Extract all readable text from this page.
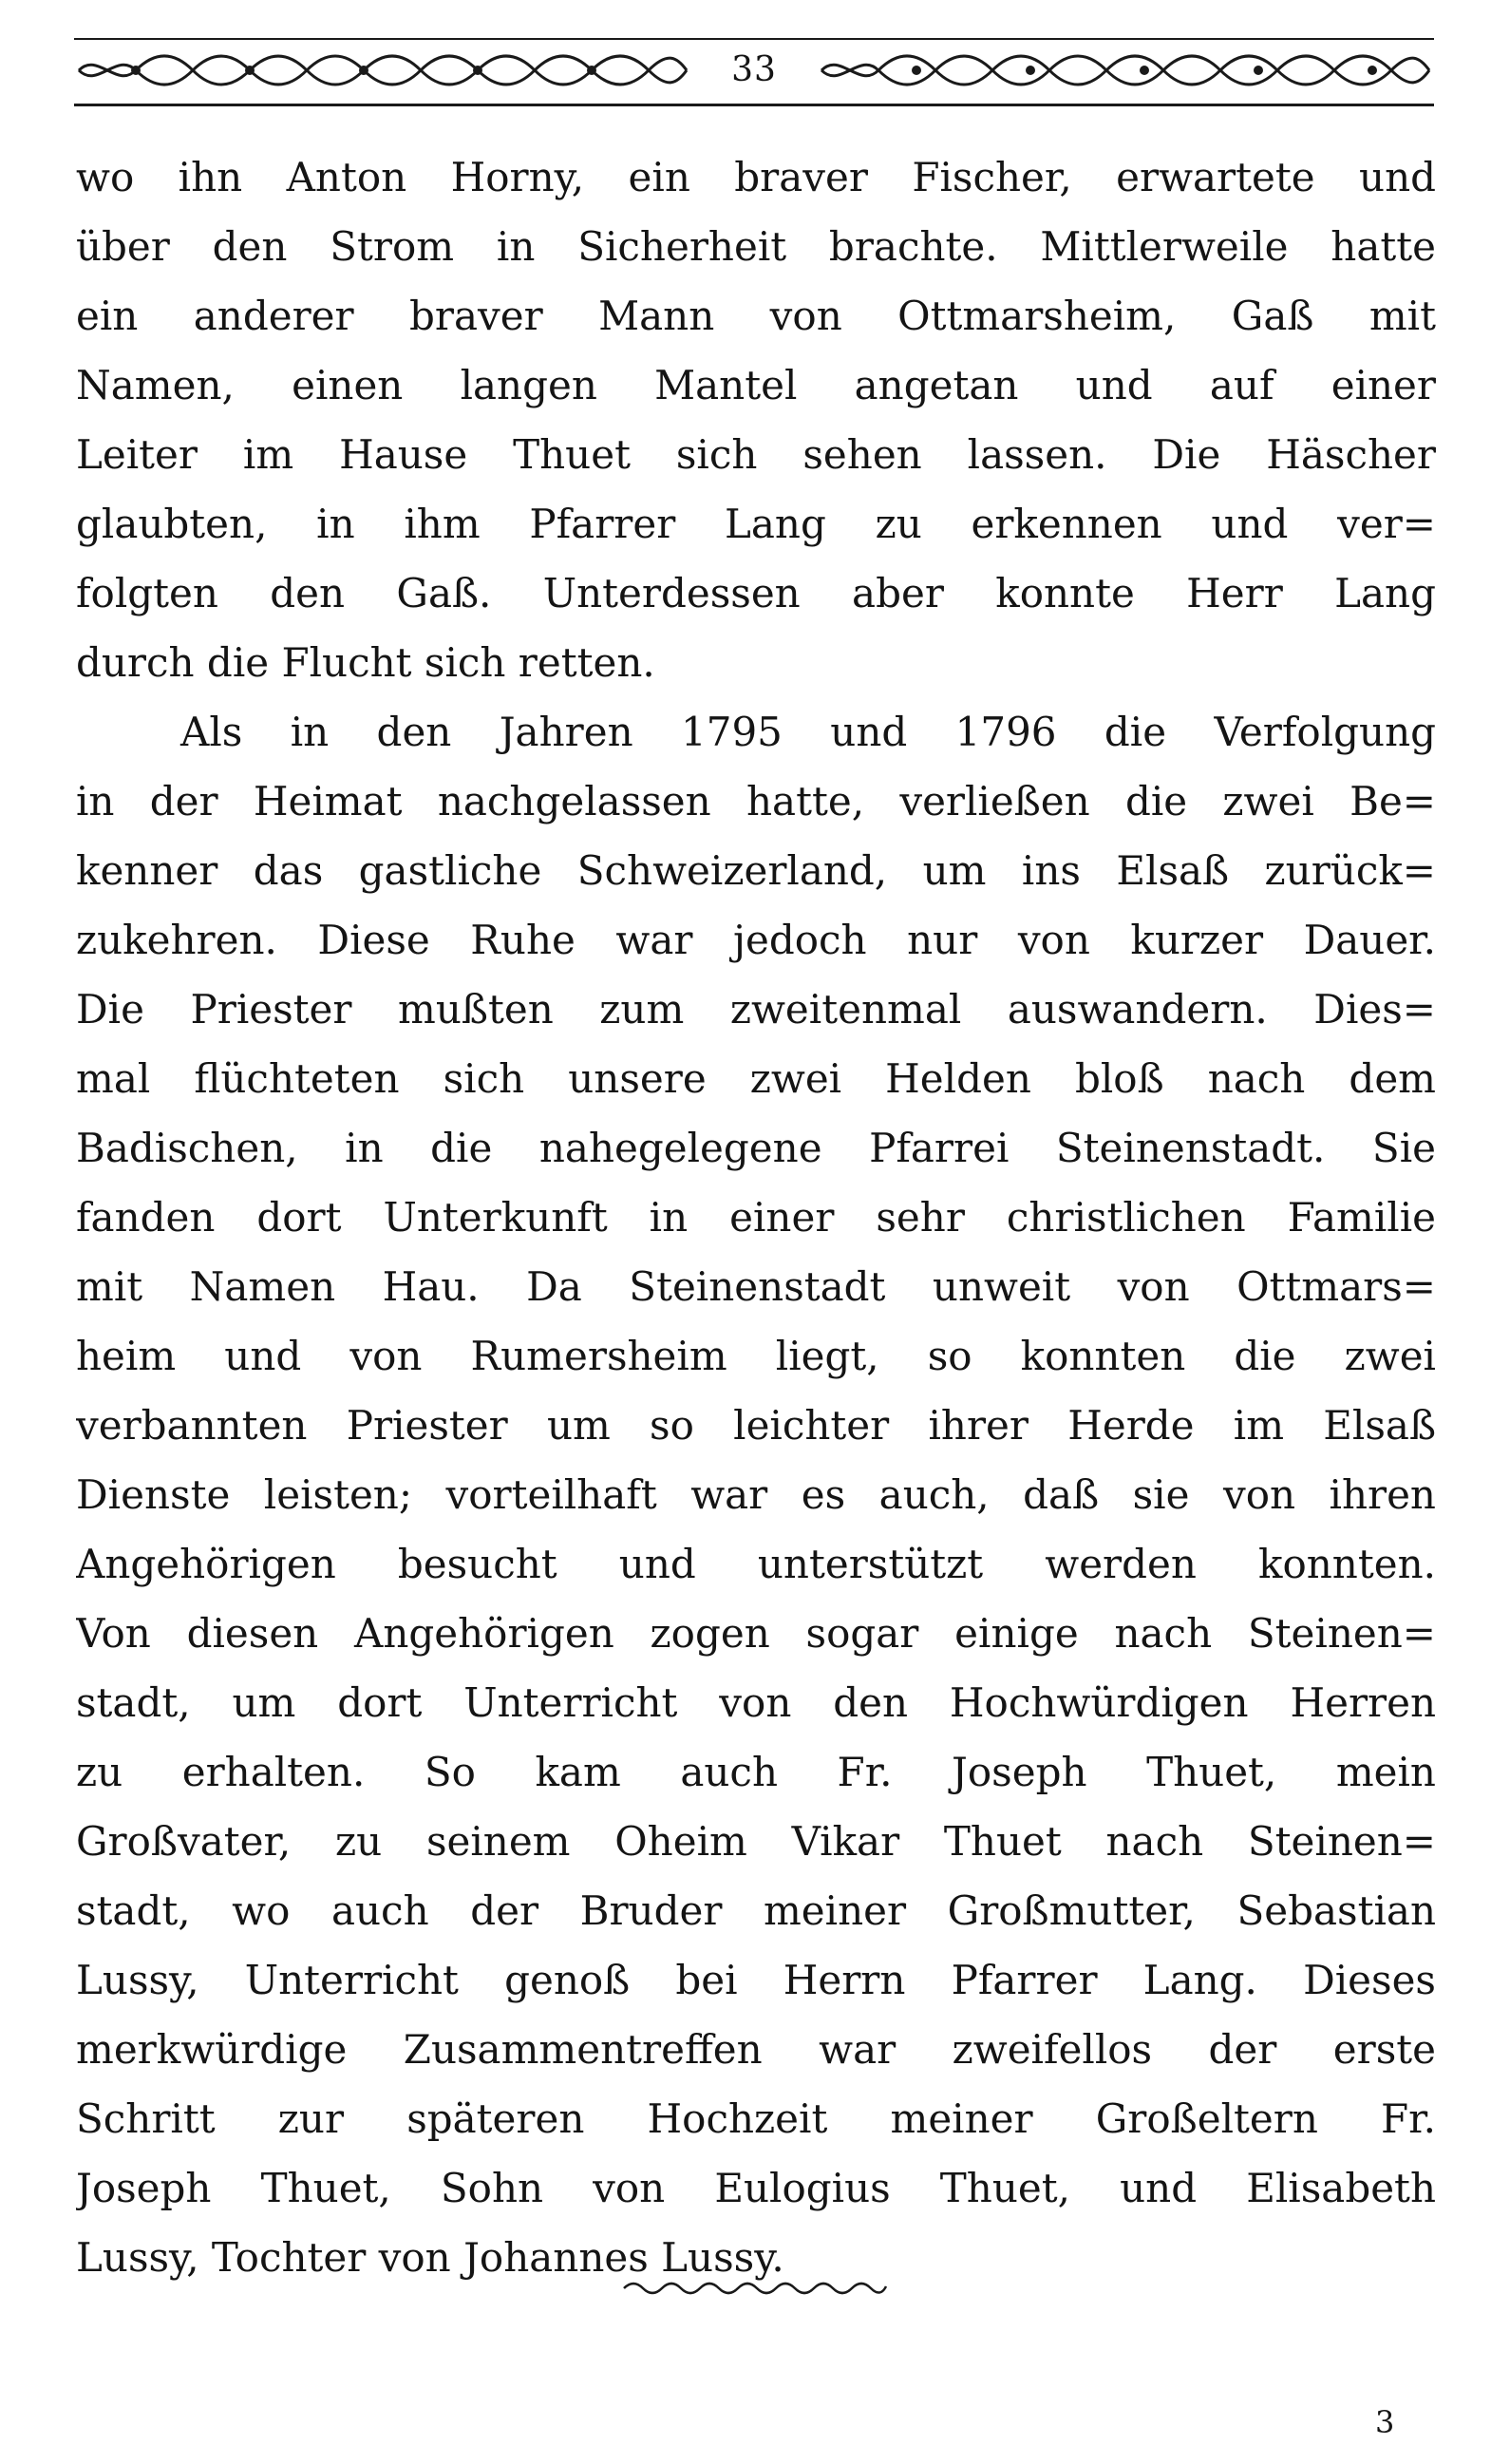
33
wo ihn Anton Horny, ein braver Fischer, erwartete und
über den Strom in Sicherheit brachte. Mittlerweile hatte
ein anderer braver Mann von Ottmarsheim, Gaß mit
Namen, einen langen Mantel angetan und auf einer
Leiter im Hause Thuet sich sehen lassen. Die Häscher
glaubten, in ihm Pfarrer Lang zu erkennen und ver=
folgten den Gaß. Unterdessen aber konnte Herr Lang
durch die Flucht sich retten.
Als in den Jahren 1795 und 1796 die Verfolgung
in der Heimat nachgelassen hatte, verließen die zwei Be=
kenner das gastliche Schweizerland, um ins Elsaß zurück=
zukehren. Diese Ruhe war jedoch nur von kurzer Dauer.
Die Priester mußten zum zweitenmal auswandern. Dies=
mal flüchteten sich unsere zwei Helden bloß nach dem
Badischen, in die nahegelegene Pfarrei Steinenstadt. Sie
fanden dort Unterkunft in einer sehr christlichen Familie
mit Namen Hau. Da Steinenstadt unweit von Ottmars=
heim und von Rumersheim liegt, so konnten die zwei
verbannten Priester um so leichter ihrer Herde im Elsaß
Dienste leisten; vorteilhaft war es auch, daß sie von ihren
Angehörigen besucht und unterstützt werden konnten.
Von diesen Angehörigen zogen sogar einige nach Steinen=
stadt, um dort Unterricht von den Hochwürdigen Herren
zu erhalten. So kam auch Fr. Joseph Thuet, mein
Großvater, zu seinem Oheim Vikar Thuet nach Steinen=
stadt, wo auch der Bruder meiner Großmutter, Sebastian
Lussy, Unterricht genoß bei Herrn Pfarrer Lang. Dieses
merkwürdige Zusammentreffen war zweifellos der erste
Schritt zur späteren Hochzeit meiner Großeltern Fr.
Joseph Thuet, Sohn von Eulogius Thuet, und Elisabeth
Lussy, Tochter von Johannes Lussy.
3
